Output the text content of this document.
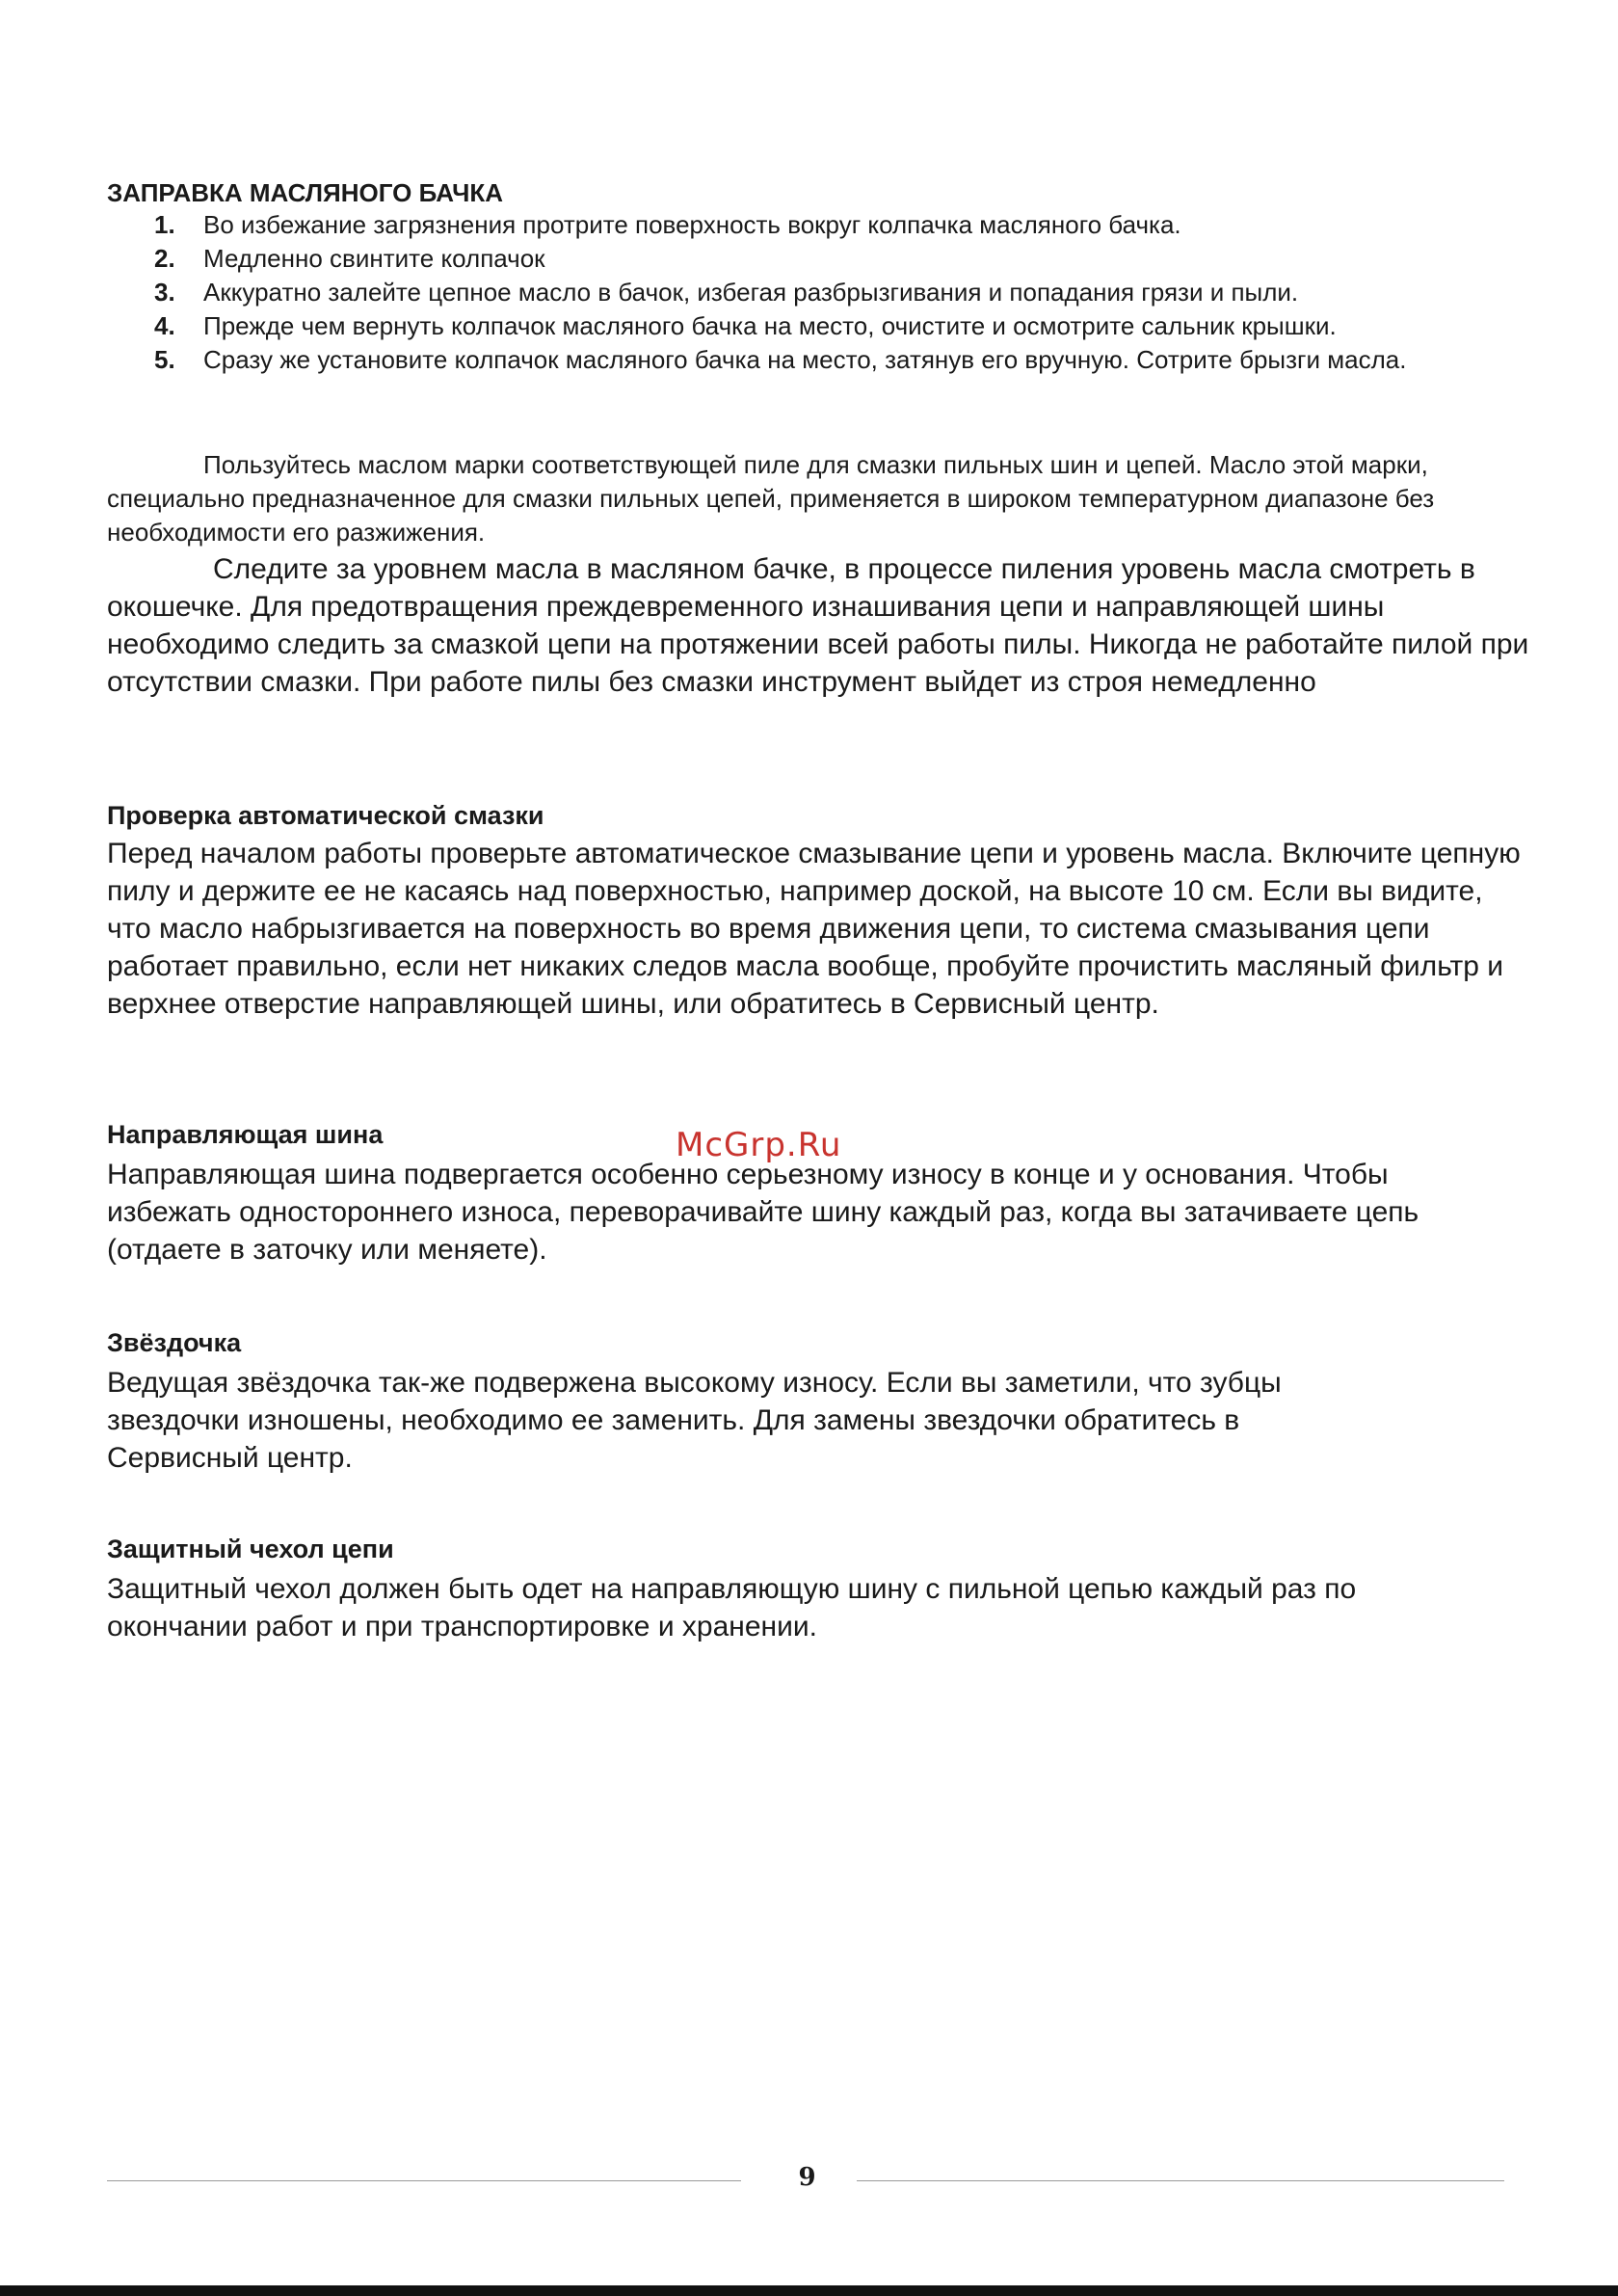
ЗАПРАВКА МАСЛЯНОГО БАЧКА
1. Во избежание загрязнения протрите поверхность вокруг колпачка масляного бачка.
2. Медленно свинтите колпачок
3. Аккуратно залейте цепное масло в бачок, избегая разбрызгивания и попадания грязи и пыли.
4. Прежде чем вернуть колпачок масляного бачка на место, очистите и осмотрите сальник крышки.
5. Сразу же установите колпачок масляного бачка на место, затянув его вручную. Сотрите брызги масла.

Пользуйтесь маслом марки соответствующей пиле для смазки пильных шин и цепей. Масло этой марки, специально предназначенное для смазки пильных цепей, применяется в широком температурном диапазоне без необходимости его разжижения.

Следите за уровнем масла в масляном бачке, в процессе пиления уровень масла смотреть в окошечке. Для предотвращения преждевременного изнашивания цепи и направляющей шины необходимо следить за смазкой цепи на протяжении всей работы пилы. Никогда не работайте пилой при отсутствии смазки. При работе пилы без смазки инструмент выйдет из строя немедленно

Проверка автоматической смазки

Перед началом работы проверьте автоматическое смазывание цепи и уровень масла. Включите цепную пилу и держите ее не касаясь над поверхностью, например доской, на высоте 10 см. Если вы видите, что масло набрызгивается на поверхность во время движения цепи, то система смазывания цепи работает правильно, если нет никаких следов масла вообще, пробуйте прочистить масляный фильтр и верхнее отверстие направляющей шины, или обратитесь в Сервисный центр.

Направляющая шина

Направляющая шина подвергается особенно серьезному износу в конце и у основания. Чтобы избежать одностороннего износа, переворачивайте шину каждый раз, когда вы затачиваете цепь (отдаете в заточку или меняете).

Звёздочка

Ведущая звёздочка так-же подвержена высокому износу. Если вы заметили, что зубцы звездочки изношены, необходимо ее заменить. Для замены звездочки обратитесь в Сервисный центр.

Защитный чехол цепи

Защитный чехол должен быть одет на направляющую шину с пильной цепью каждый раз по окончании работ и при транспортировке и хранении.

McGrp.Ru
9
